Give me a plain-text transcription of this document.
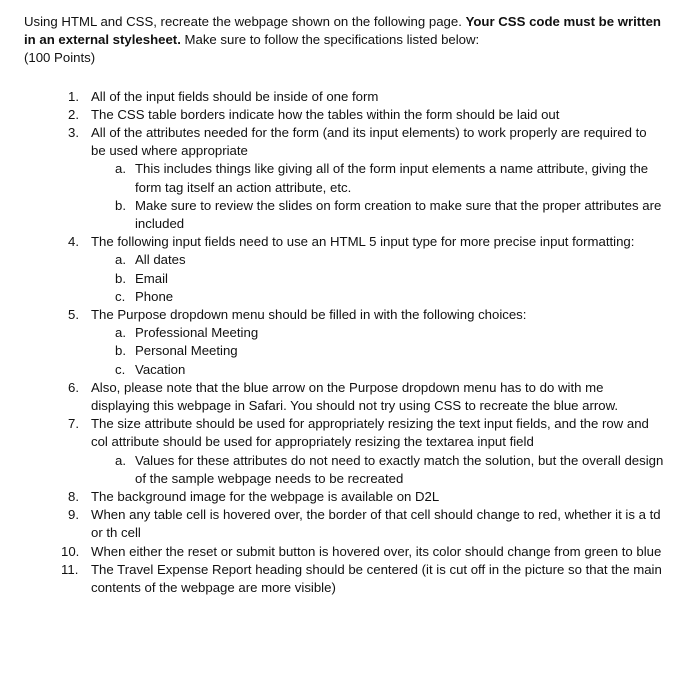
Using HTML and CSS, recreate the webpage shown on the following page. Your CSS code must be written in an external stylesheet. Make sure to follow the specifications listed below:
(100 Points)

1. All of the input fields should be inside of one form
2. The CSS table borders indicate how the tables within the form should be laid out
3. All of the attributes needed for the form (and its input elements) to work properly are required to be used where appropriate
a. This includes things like giving all of the form input elements a name attribute, giving the form tag itself an action attribute, etc.
b. Make sure to review the slides on form creation to make sure that the proper attributes are included
4. The following input fields need to use an HTML 5 input type for more precise input formatting:
a. All dates
b. Email
c. Phone
5. The Purpose dropdown menu should be filled in with the following choices:
a. Professional Meeting
b. Personal Meeting
c. Vacation
6. Also, please note that the blue arrow on the Purpose dropdown menu has to do with me displaying this webpage in Safari. You should not try using CSS to recreate the blue arrow.
7. The size attribute should be used for appropriately resizing the text input fields, and the row and col attribute should be used for appropriately resizing the textarea input field
a. Values for these attributes do not need to exactly match the solution, but the overall design of the sample webpage needs to be recreated
8. The background image for the webpage is available on D2L
9. When any table cell is hovered over, the border of that cell should change to red, whether it is a td or th cell
10. When either the reset or submit button is hovered over, its color should change from green to blue
11. The Travel Expense Report heading should be centered (it is cut off in the picture so that the main contents of the webpage are more visible)
